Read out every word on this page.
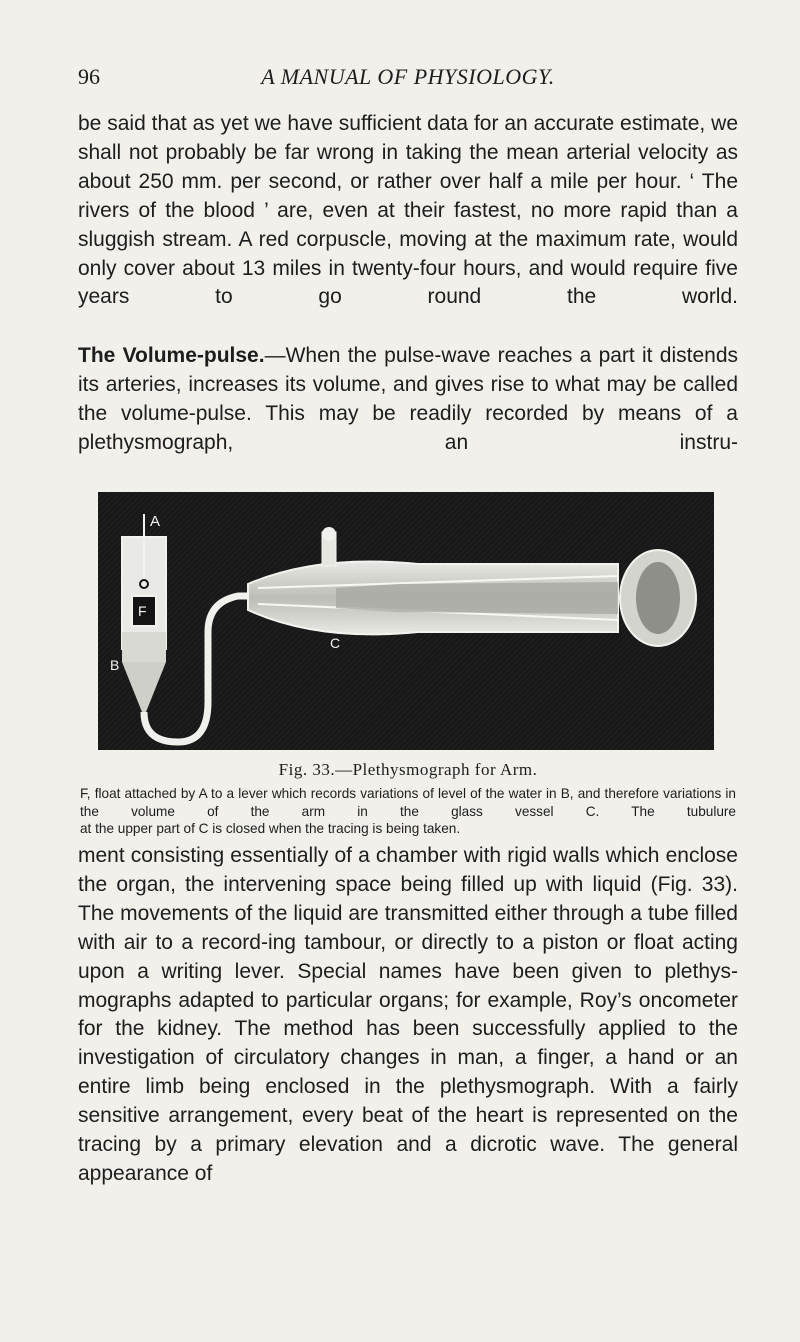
96	A MANUAL OF PHYSIOLOGY.

be said that as yet we have sufficient data for an accurate estimate, we shall not probably be far wrong in taking the mean arterial velocity as about 250 mm. per second, or rather over half a mile per hour. ‘ The rivers of the blood ’ are, even at their fastest, no more rapid than a sluggish stream. A red corpuscle, moving at the maximum rate, would only cover about 13 miles in twenty-four hours, and would require five years to go round the world.

The Volume-pulse.—When the pulse-wave reaches a part it distends its arteries, increases its volume, and gives rise to what may be called the volume-pulse. This may be readily recorded by means of a plethysmograph, an instru-

A
F
B
C
Fig. 33.—Plethysmograph for Arm.
F, float attached by A to a lever which records variations of level of the water in B, and therefore variations in the volume of the arm in the glass vessel C. The tubulure
at the upper part of C is closed when the tracing is being taken.

ment consisting essentially of a chamber with rigid walls which enclose the organ, the intervening space being filled up with liquid (Fig. 33). The movements of the liquid are transmitted either through a tube filled with air to a record-ing tambour, or directly to a piston or float acting upon a writing lever. Special names have been given to plethys-mographs adapted to particular organs; for example, Roy’s oncometer for the kidney. The method has been successfully applied to the investigation of circulatory changes in man, a finger, a hand or an entire limb being enclosed in the plethysmograph. With a fairly sensitive arrangement, every beat of the heart is represented on the tracing by a primary elevation and a dicrotic wave. The general appearance of
